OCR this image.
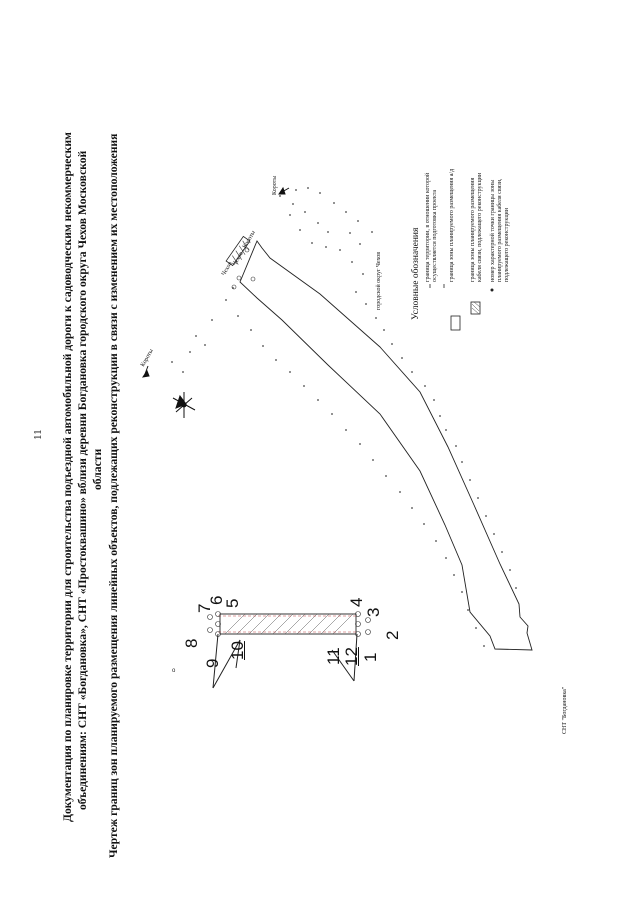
11 Документация по планировке территории для строительства подъездной автомобильной дороги к садоводческим некоммерческим объединениям: СНТ «Богдановка», СНТ «Простоквашино» вблизи деревни Богдановка городского округа Чехов Московской области Чертеж границ зон планируемого размещения линейных объектов, подлежащих реконструкции в связи с изменением их местоположения	о
1
2
3
4
5
6
7
8
9
10	11 12
Короты
Чехов - Короты
Чехов
Короты
городской округ Чехов
СНТ "Богдановка"
Условные обозначения граница территории, в отношении которой осуществляется подготовка проекта граница зоны планируемого размещения а/д	граница зоны планируемого размещения кабеля связи, подлежащего реконструкции номер характерной точки границы зоны планируемого размещения кабеля связи, подлежащего реконструкции
